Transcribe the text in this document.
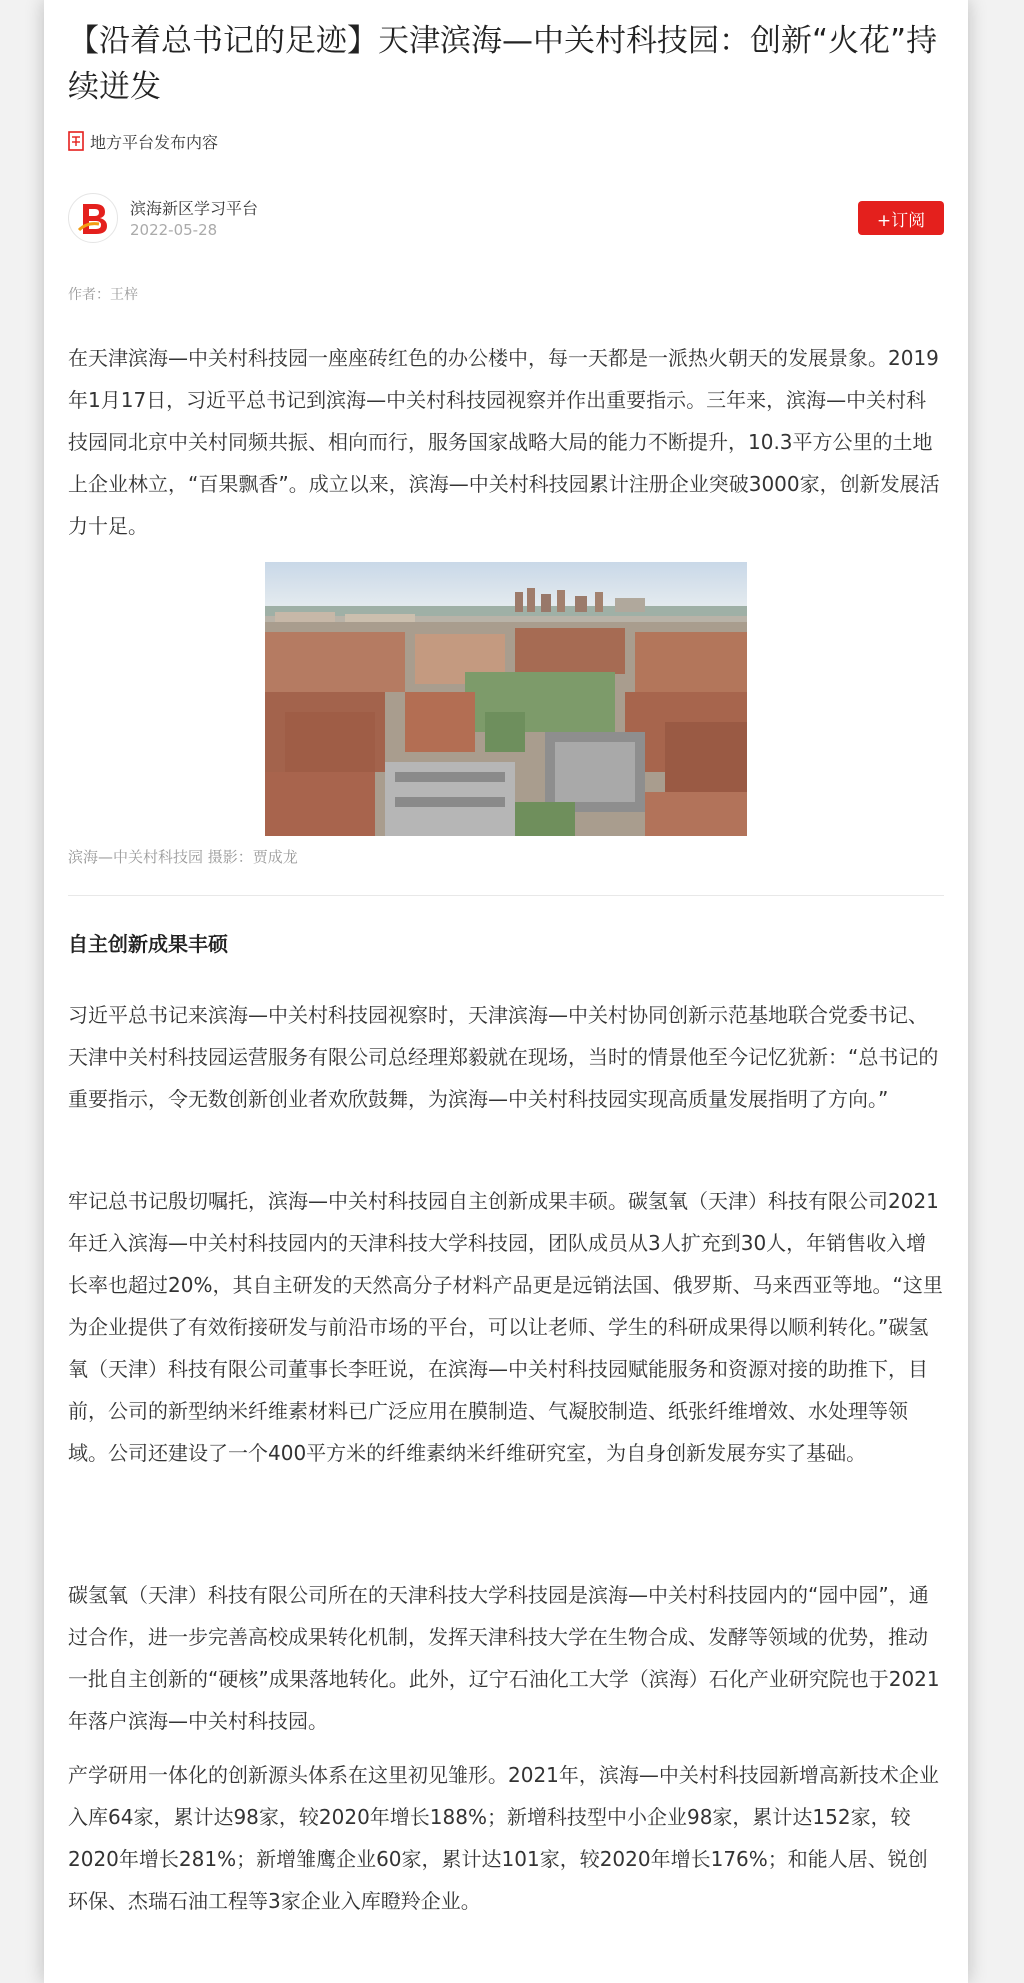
【沿着总书记的足迹】天津滨海—中关村科技园：创新“火花”持续迸发
地方平台发布内容
滨海新区学习平台
2022-05-28	+订阅
作者：王梓

在天津滨海—中关村科技园一座座砖红色的办公楼中，每一天都是一派热火朝天的发展景象。2019年1月17日，习近平总书记到滨海—中关村科技园视察并作出重要指示。三年来，滨海—中关村科技园同北京中关村同频共振、相向而行，服务国家战略大局的能力不断提升，10.3平方公里的土地上企业林立，“百果飘香”。成立以来，滨海—中关村科技园累计注册企业突破3000家，创新发展活力十足。

滨海—中关村科技园 摄影：贾成龙
自主创新成果丰硕

习近平总书记来滨海—中关村科技园视察时，天津滨海—中关村协同创新示范基地联合党委书记、天津中关村科技园运营服务有限公司总经理郑毅就在现场，当时的情景他至今记忆犹新：“总书记的重要指示，令无数创新创业者欢欣鼓舞，为滨海—中关村科技园实现高质量发展指明了方向。”

牢记总书记殷切嘱托，滨海—中关村科技园自主创新成果丰硕。碳氢氧（天津）科技有限公司2021年迁入滨海—中关村科技园内的天津科技大学科技园，团队成员从3人扩充到30人，年销售收入增长率也超过20%，其自主研发的天然高分子材料产品更是远销法国、俄罗斯、马来西亚等地。“这里为企业提供了有效衔接研发与前沿市场的平台，可以让老师、学生的科研成果得以顺利转化。”碳氢氧（天津）科技有限公司董事长李旺说，在滨海—中关村科技园赋能服务和资源对接的助推下，目前，公司的新型纳米纤维素材料已广泛应用在膜制造、气凝胶制造、纸张纤维增效、水处理等领域。公司还建设了一个400平方米的纤维素纳米纤维研究室，为自身创新发展夯实了基础。

碳氢氧（天津）科技有限公司所在的天津科技大学科技园是滨海—中关村科技园内的“园中园”，通过合作，进一步完善高校成果转化机制，发挥天津科技大学在生物合成、发酵等领域的优势，推动一批自主创新的“硬核”成果落地转化。此外，辽宁石油化工大学（滨海）石化产业研究院也于2021年落户滨海—中关村科技园。

产学研用一体化的创新源头体系在这里初见雏形。2021年，滨海—中关村科技园新增高新技术企业入库64家，累计达98家，较2020年增长188%；新增科技型中小企业98家，累计达152家，较2020年增长281%；新增雏鹰企业60家，累计达101家，较2020年增长176%；和能人居、锐创环保、杰瑞石油工程等3家企业入库瞪羚企业。
